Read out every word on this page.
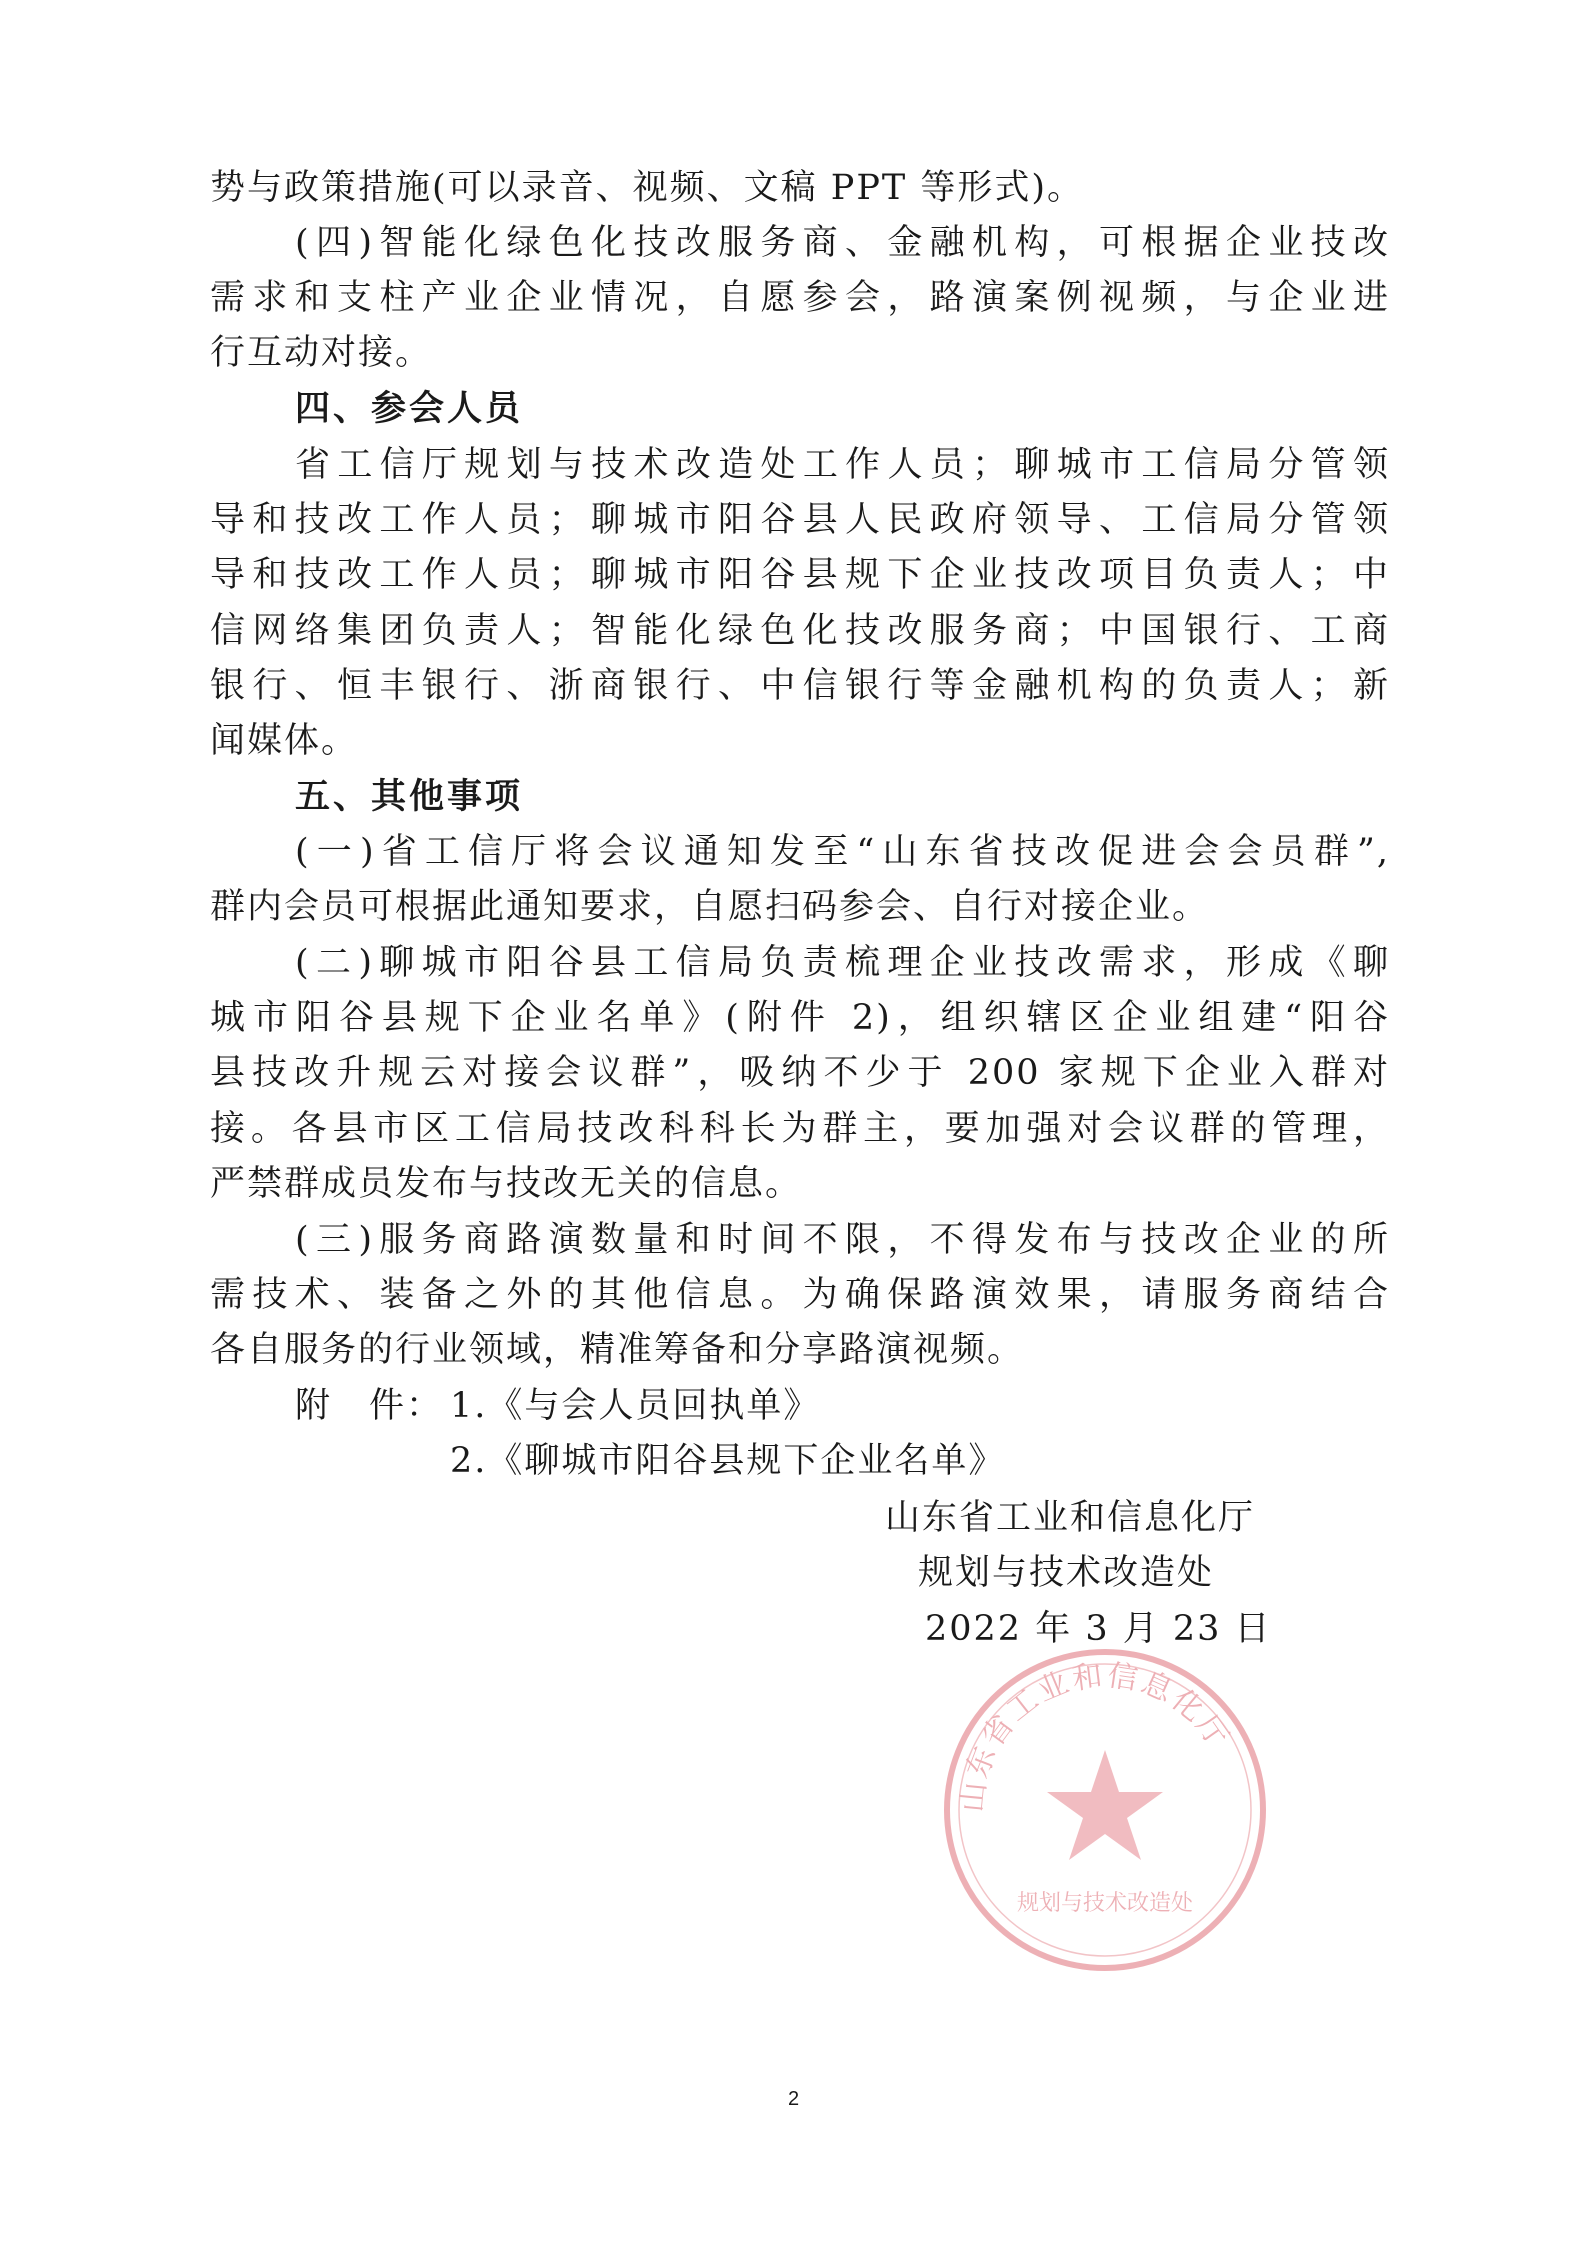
势与政策措施(可以录音、视频、文稿 PPT 等形式)。
(四)智能化绿色化技改服务商、金融机构，可根据企业技改
需求和支柱产业企业情况，自愿参会，路演案例视频，与企业进
行互动对接。
四、参会人员
省工信厅规划与技术改造处工作人员；聊城市工信局分管领
导和技改工作人员；聊城市阳谷县人民政府领导、工信局分管领
导和技改工作人员；聊城市阳谷县规下企业技改项目负责人；中
信网络集团负责人；智能化绿色化技改服务商；中国银行、工商
银行、恒丰银行、浙商银行、中信银行等金融机构的负责人；新
闻媒体。
五、其他事项
(一)省工信厅将会议通知发至“山东省技改促进会会员群”,
群内会员可根据此通知要求，自愿扫码参会、自行对接企业。
(二)聊城市阳谷县工信局负责梳理企业技改需求，形成《聊
城市阳谷县规下企业名单》(附件 2)，组织辖区企业组建“阳谷
县技改升规云对接会议群”，吸纳不少于 200 家规下企业入群对
接。各县市区工信局技改科科长为群主，要加强对会议群的管理，
严禁群成员发布与技改无关的信息。
(三)服务商路演数量和时间不限，不得发布与技改企业的所
需技术、装备之外的其他信息。为确保路演效果，请服务商结合
各自服务的行业领域，精准筹备和分享路演视频。
附　件： 1.《与会人员回执单》
2.《聊城市阳谷县规下企业名单》
山东省工业和信息化厅
规划与技术改造处
山东省工业和信息化厅
规划与技术改造处
2022 年 3 月 23 日
2
